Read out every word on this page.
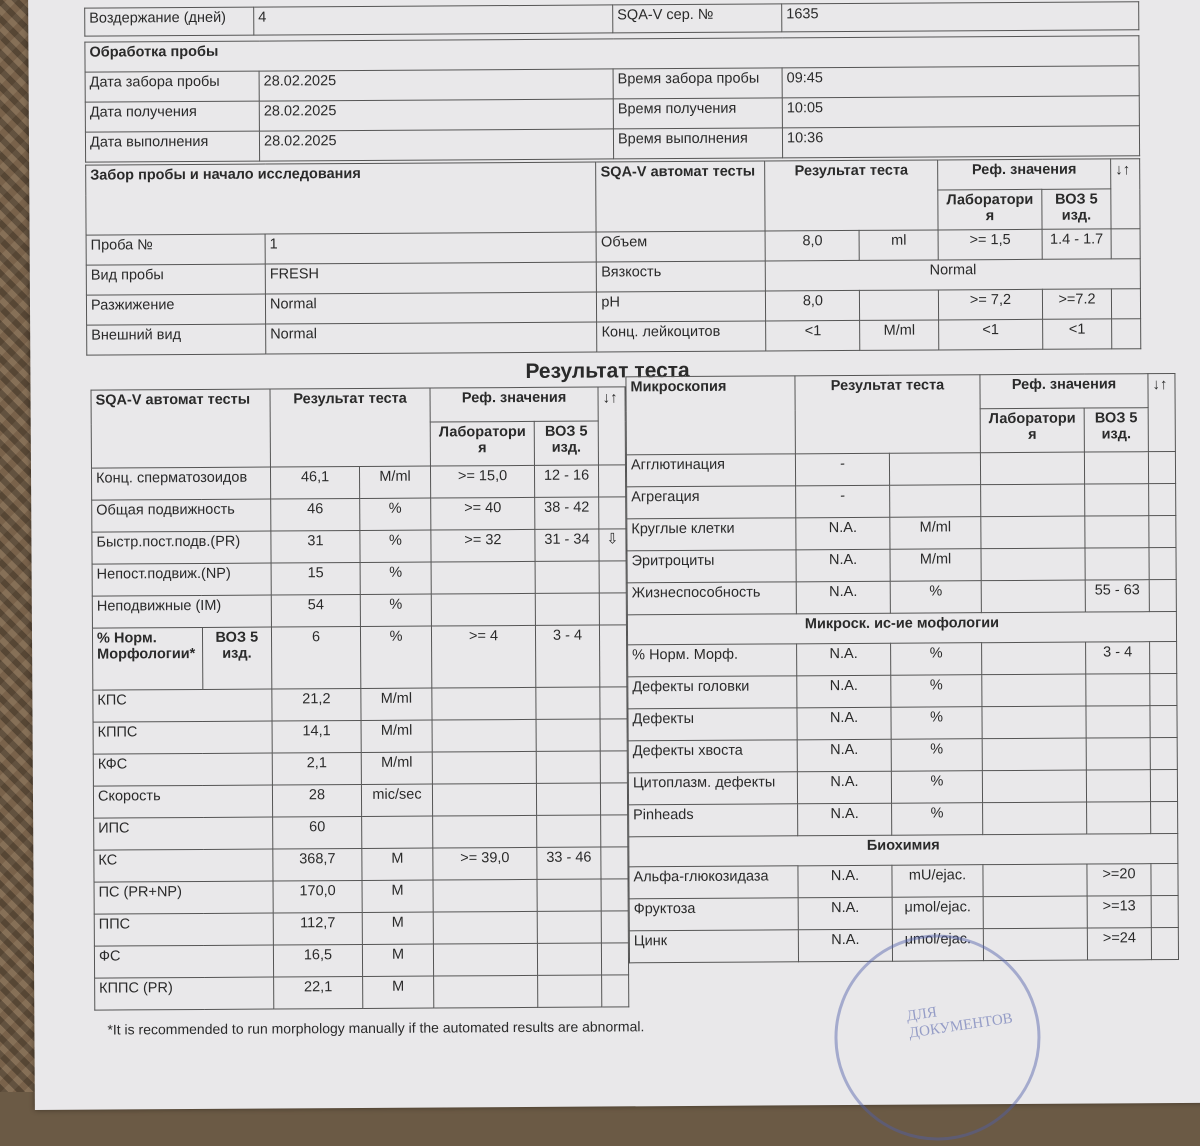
Воздержание (дней)	4	SQA-V сер. №	1635
Обработка пробы			
Дата забора пробы	28.02.2025	Время забора пробы	09:45
Дата получения	28.02.2025	Время получения	10:05
Дата выполнения	28.02.2025	Время выполнения	10:36
Забор пробы и начало исследования		SQA-V автомат тесты	Результат теста		Реф. значения		↓↑
					Лаборатори я	ВОЗ 5 изд.	
Проба №	1	Объем	8,0	ml	>= 1,5	1.4 - 1.7	
Вид пробы	FRESH	Вязкость	Normal				
Разжижение	Normal	pH	8,0		>= 7,2	>=7.2	
Внешний вид	Normal	Конц. лейкоцитов	<1	M/ml	<1	<1	
Результат теста
SQA-V автомат тесты		Результат теста		Реф. значения		↓↑
				Лаборатори я	ВОЗ 5 изд.	
Конц. сперматозоидов		46,1	M/ml	>= 15,0	12 - 16	
Общая подвижность		46	%	>= 40	38 - 42	
Быстр.пост.подв.(PR)		31	%	>= 32	31 - 34	⇩
Непост.подвиж.(NP)		15	%			
Неподвижные (IM)		54	%			
% Норм. Морфологии*	ВОЗ 5 изд.	6	%	>= 4	3 - 4	
КПС		21,2	M/ml			
КППС		14,1	M/ml			
КФС		2,1	M/ml			
Скорость		28	mic/sec			
ИПС		60				
КС		368,7	M	>= 39,0	33 - 46	
ПС (PR+NP)		170,0	M			
ППС		112,7	M			
ФС		16,5	M			
КППС (PR)		22,1	M			
Микроскопия	Результат теста		Реф. значения		↓↑
			Лаборатори я	ВОЗ 5 изд.	
Агглютинация	-				
Агрегация	-				
Круглые клетки	N.A.	M/ml			
Эритроциты	N.A.	M/ml			
Жизнеспособность	N.A.	%		55 - 63	
Микроск. ис-ие мофологии					
% Норм. Морф.	N.A.	%		3 - 4	
Дефекты головки	N.A.	%			
Дефекты	N.A.	%			
Дефекты хвоста	N.A.	%			
Цитоплазм. дефекты	N.A.	%			
Pinheads	N.A.	%			
Биохимия					
Альфа-глюкозидаза	N.A.	mU/ejac.		>=20	
Фруктоза	N.A.	μmol/ejac.		>=13	
Цинк	N.A.	μmol/ejac.		>=24	
*It is recommended to run morphology manually if the automated results are abnormal.
ДЛЯ ДОКУМЕНТОВ
